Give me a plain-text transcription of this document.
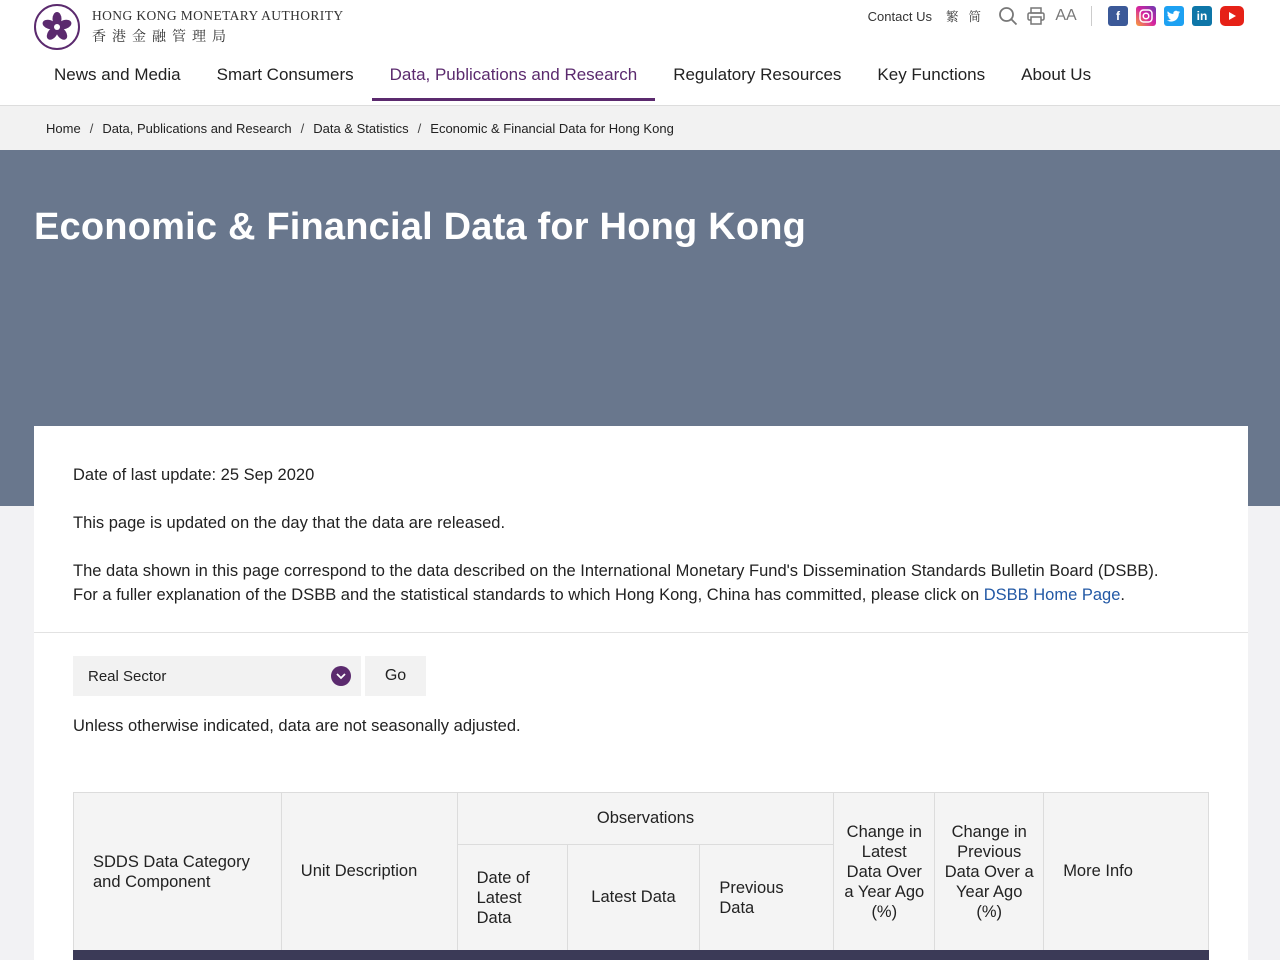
HONG KONG MONETARY AUTHORITY
香港金融管理局
Contact Us 繁 简	AA	f	in
News and Media	Smart Consumers	Data, Publications and Research	Regulatory Resources	Key Functions	About Us
Home / Data, Publications and Research / Data & Statistics / Economic & Financial Data for Hong Kong
Economic & Financial Data for Hong Kong
Date of last update: 25 Sep 2020
This page is updated on the day that the data are released.
The data shown in this page correspond to the data described on the International Monetary Fund's Dissemination Standards Bulletin Board (DSBB).
For a fuller explanation of the DSBB and the statistical standards to which Hong Kong, China has committed, please click on DSBB Home Page.
Real Sector	Go
Unless otherwise indicated, data are not seasonally adjusted.
SDDS Data Category and Component	Unit Description	Observations			Change in Latest Data Over a Year Ago (%)	Change in Previous Data Over a Year Ago (%)	More Info
		Date of Latest Data	Latest Data	Previous Data			
